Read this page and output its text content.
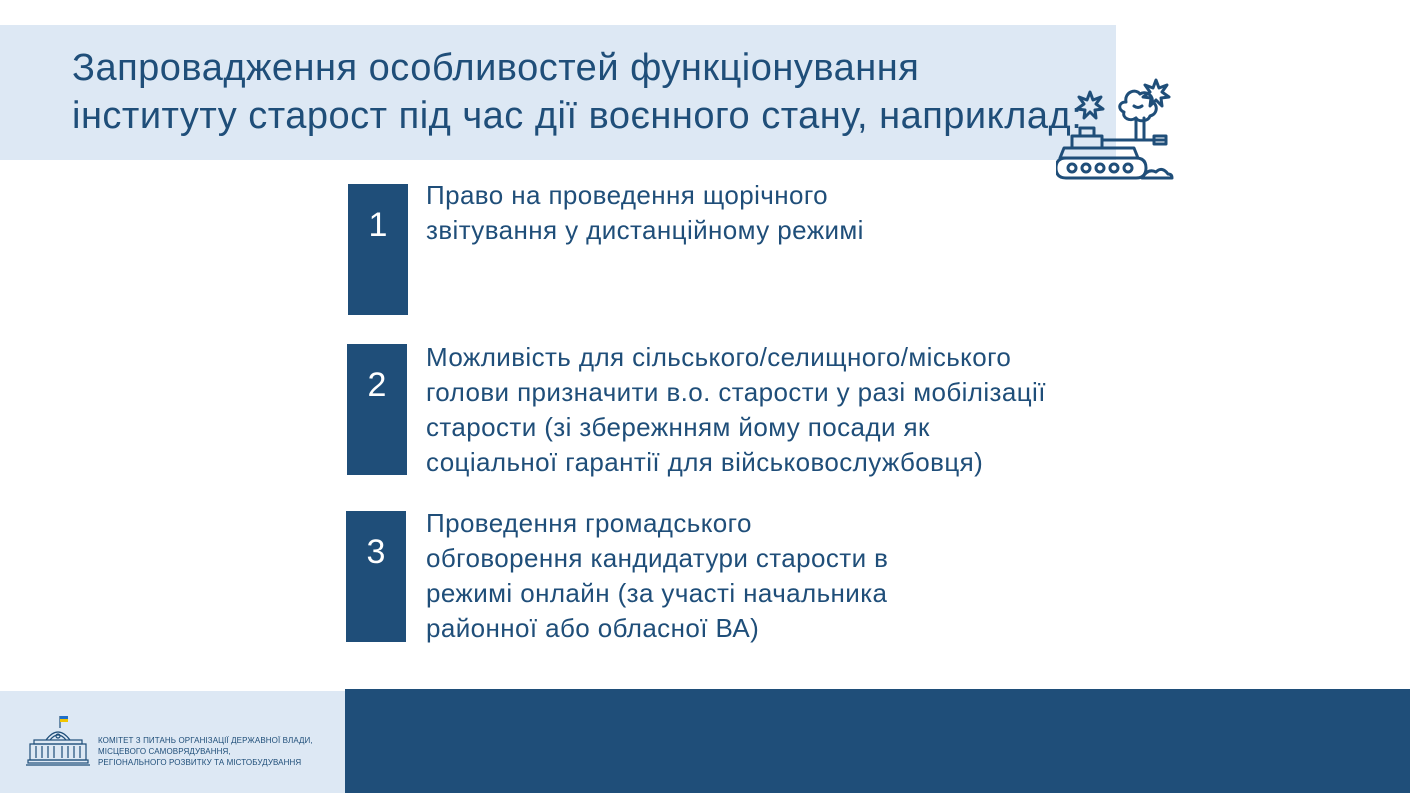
Запровадження особливостей функціонування інституту старост під час дії воєнного стану, наприклад:
1
Право на проведення щорічного
звітування у дистанційному режимі
2
Можливість для сільського/селищного/міського
голови призначити в.о. старости у разі мобілізації
старости (зі збережнням йому посади як
соціальної гарантії для військовослужбовця)
3
Проведення громадського
обговорення кандидатури старости в
режимі онлайн (за участі начальника
районної або обласної ВА)
КОМІТЕТ З ПИТАНЬ ОРГАНІЗАЦІЇ ДЕРЖАВНОЇ ВЛАДИ,
МІСЦЕВОГО САМОВРЯДУВАННЯ,
РЕГІОНАЛЬНОГО РОЗВИТКУ ТА МІСТОБУДУВАННЯ
